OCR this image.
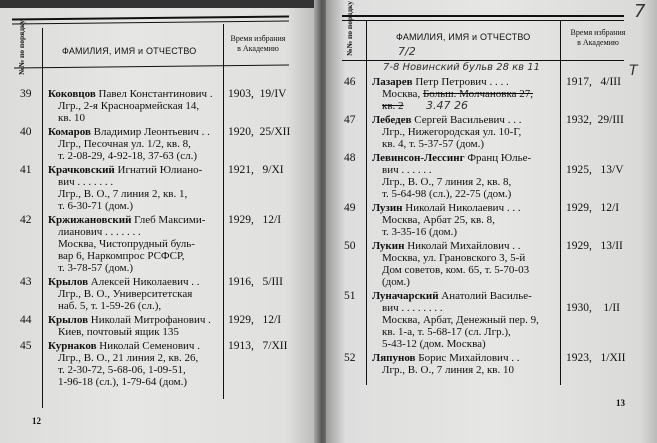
№№ по порядку	ФАМИЛИЯ, ИМЯ и ОТЧЕСТВО
Время избрания
в Академию
39	1903,  19/IV
Коковцов Павел Константинович .
Лгр., 2-я Красноармейская 14,
кв. 10
40	1920,  25/XII
Комаров Владимир Леонтьевич . .
Лгр., Песочная ул. 1/2, кв. 8,
т. 2-08-29, 4-92-18, 37-63 (сл.)
41	1921,   9/XI
Крачковский Игнатий Юлиано-
вич . . . . . . .
Лгр., В. О., 7 линия 2, кв. 1,
т. 6-30-71 (дом.)
42	1929,   12/I
Кржижановский Глеб Максими-
лианович . . . . . . .
Москва, Чистопрудный буль-
вар 6, Наркомпрос РСФСР,
т. 3-78-57 (дом.)
43	1916,   5/III
Крылов Алексей Николаевич . .
Лгр., В. О., Университетская
наб. 5, т. 1-59-26 (сл.),
44	1929,   12/I
Крылов Николай Митрофанович .
Киев, почтовый ящик 135
45	1913,   7/XII
Курнаков Николай Семенович .
Лгр., В. О., 21 линия 2, кв. 26,
т. 2-30-72, 5-68-06, 1-09-51,
1-96-18 (сл.), 1-79-64 (дом.)
12
№№ по порядку	ФАМИЛИЯ, ИМЯ и ОТЧЕСТВО	Время избрания
в Академию
46	1917,   4/III
Лазарев Петр Петрович . . . .
Москва, Больш. Молчановка 27,
кв. 2
47	1932,  29/III
Лебедев Сергей Васильевич . . .
Лгр., Нижегородская ул. 10-Г,
кв. 4, т. 5-37-57 (дом.)
48
1925,   13/V
Левинсон-Лессинг Франц Юлье-
вич . . . . . .
Лгр., В. О., 7 линия 2, кв. 8,
т. 5-64-98 (сл.), 22-75 (дом.)
49	1929,   12/I
Лузин Николай Николаевич . . .
Москва, Арбат 25, кв. 8,
т. 3-35-16 (дом.)
50	1929,   13/II
Лукин Николай Михайлович . .
Москва, ул. Грановского 3, 5-й
Дом советов, ком. 65, т. 5-70-03
(дом.)
51
1930,    1/II
Луначарский Анатолий Василье-
вич . . . . . . . .
Москва, Арбат, Денежный пер. 9,
кв. 1-а, т. 5-68-17 (сл. Лгр.),
5-43-12 (дом. Москва)
52	1923,   1/XII
Ляпунов Борис Михайлович . .
Лгр., В. О., 7 линия 2, кв. 10
7
7/2
7-8 Новинский бульв 28 кв 11
3.47 26
Т
13
